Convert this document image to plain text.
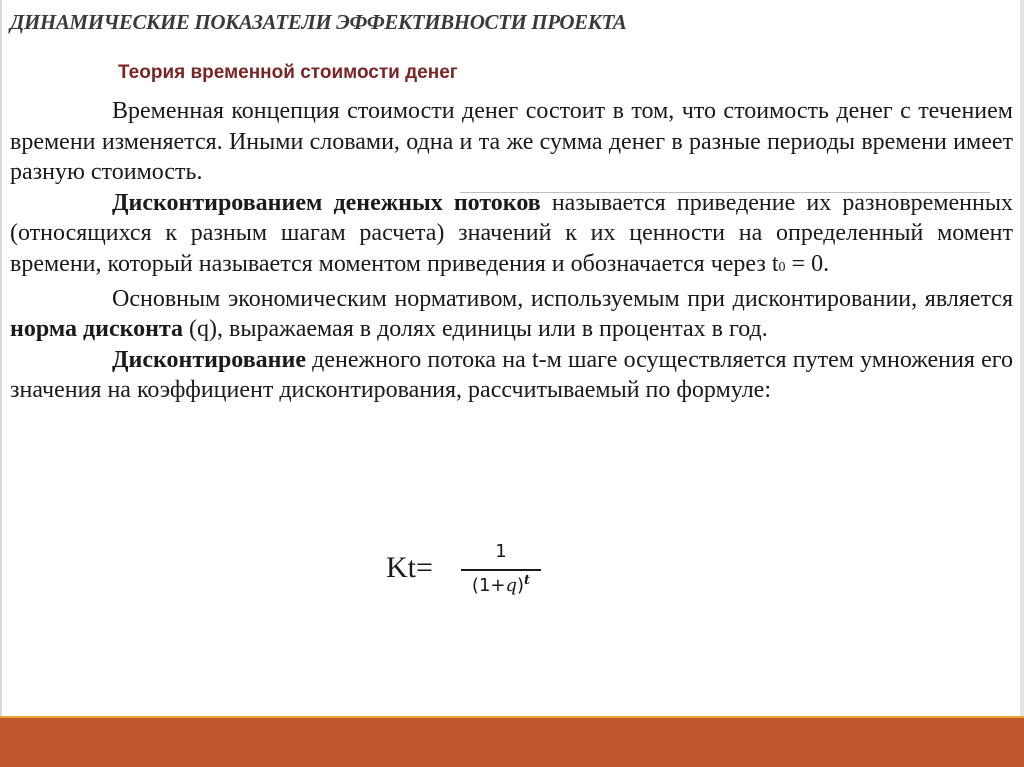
ДИНАМИЧЕСКИЕ ПОКАЗАТЕЛИ ЭФФЕКТИВНОСТИ ПРОЕКТА
Теория временной стоимости денег

Временная концепция стоимости денег состоит в том, что стоимость денег с течением времени изменяется. Иными словами, одна и та же сумма денег в разные периоды времени имеет разную стоимость.

Дисконтированием денежных потоков называется приведение их разновременных (относящихся к разным шагам расчета) значений к их ценности на определенный момент времени, который называется моментом приведения и обозначается через t0 = 0.

Основным экономическим нормативом, используемым при дисконтировании, является норма дисконта (q), выражаемая в долях единицы или в процентах в год.

Дисконтирование денежного потока на t-м шаге осуществляется путем умножения его значения на коэффициент дисконтирования, рассчитываемый по формуле:

Kt=	1
$(1+q)^t$
